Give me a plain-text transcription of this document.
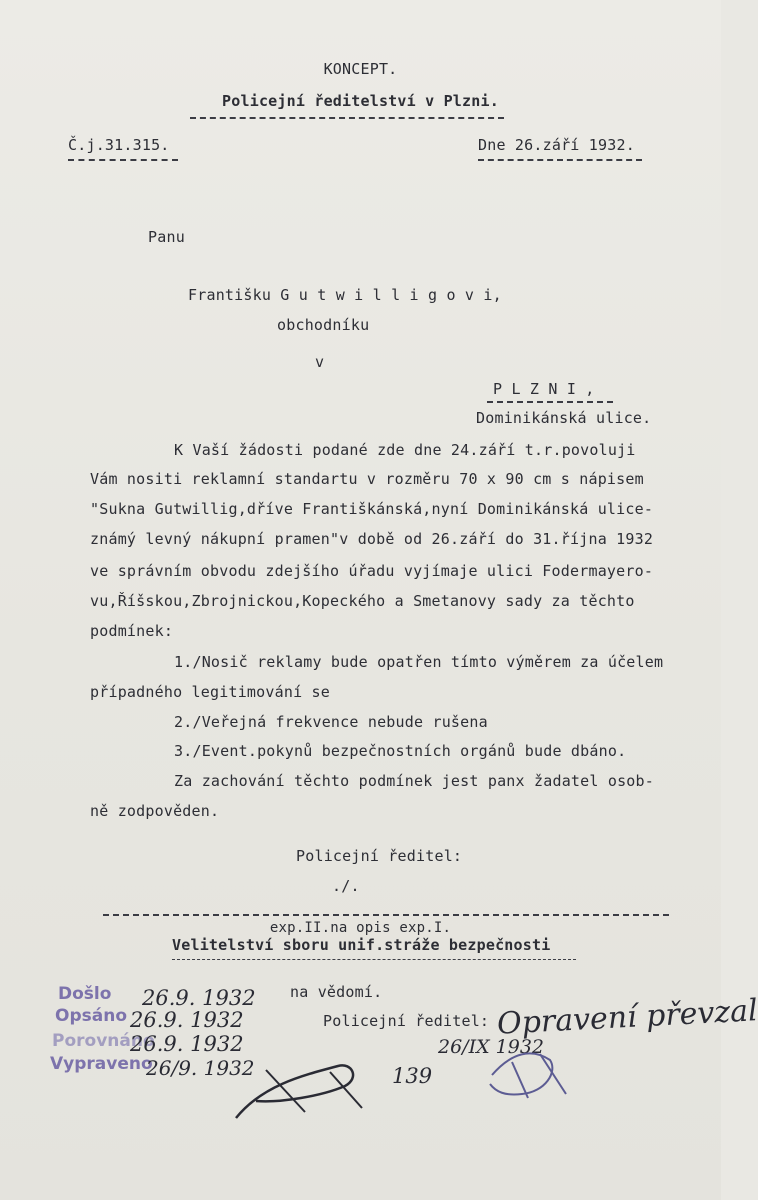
KONCEPT.
Policejní ředitelství v Plzni.
Č.j.31.315.	Dne 26.září 1932.
Panu
Františku G u t w i l l i g o v i,
obchodníku
v
P L Z N I ,
Dominikánská ulice.
K Vaší žádosti podané zde dne 24.září t.r.povoluji
Vám nositi reklamní standartu v rozměru 70 x 90 cm s nápisem
"Sukna Gutwillig,dříve Františkánská,nyní Dominikánská ulice-
známý levný nákupní pramen"v době od 26.září do 31.října 1932
ve správním obvodu zdejšího úřadu vyjímaje ulici Fodermayero-
vu,Říšskou,Zbrojnickou,Kopeckého a Smetanovy sady za těchto
podmínek:
1./Nosič reklamy bude opatřen tímto výměrem za účelem
případného legitimování se
2./Veřejná frekvence nebude rušena
3./Event.pokynů bezpečnostních orgánů bude dbáno.
Za zachování těchto podmínek jest panx žadatel osob-
ně zodpověden.
Policejní ředitel:
./.
exp.II.na opis exp.I.
Velitelství sboru unif.stráže bezpečnosti
na vědomí.
Policejní ředitel:
Došlo
Opsáno
Porovnáno
Vypraveno
26.9. 1932
26.9. 1932
26.9. 1932
26/9. 1932
Opravení převzal
26/IX 1932
139
